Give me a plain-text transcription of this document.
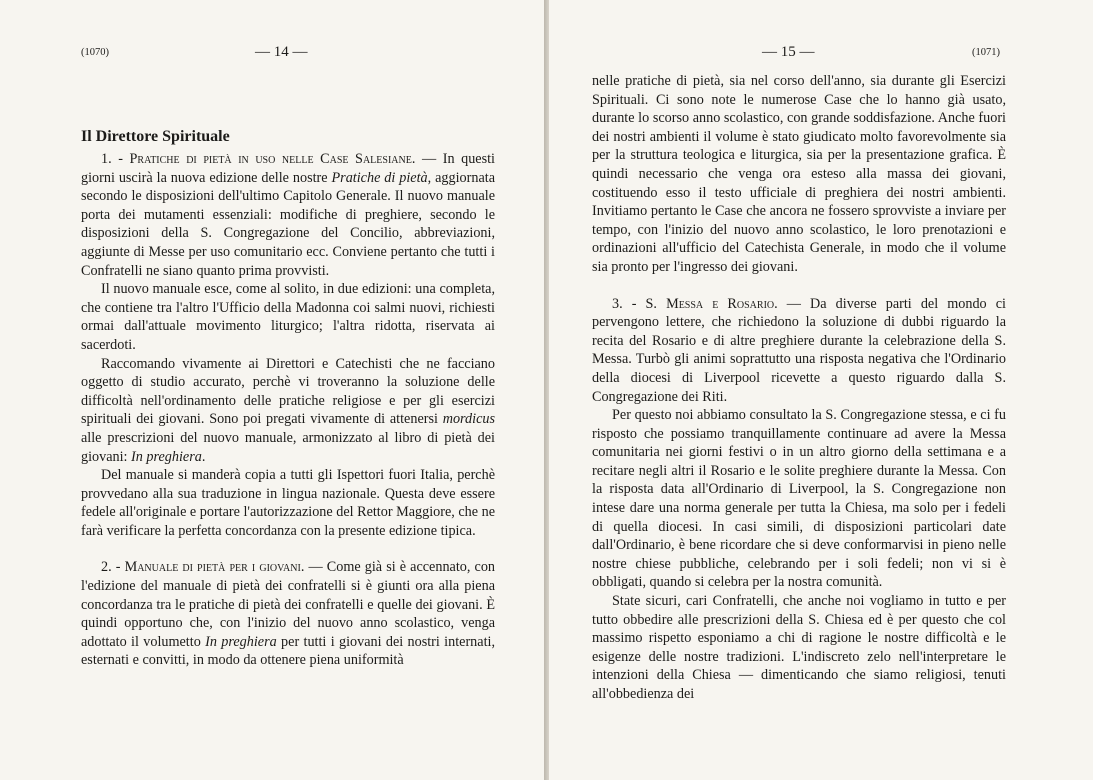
(1070)	— 14 —	— 15 —	(1071)
Il Direttore Spirituale

1. - Pratiche di pietà in uso nelle Case Salesiane. — In questi giorni uscirà la nuova edizione delle nostre Pratiche di pietà, aggiornata secondo le disposizioni dell'ultimo Capitolo Generale. Il nuovo manuale porta dei mutamenti essenziali: modifiche di preghiere, secondo le disposizioni della S. Congregazione del Concilio, abbreviazioni, aggiunte di Messe per uso comunitario ecc. Conviene pertanto che tutti i Confratelli ne siano quanto prima provvisti.

Il nuovo manuale esce, come al solito, in due edizioni: una completa, che contiene tra l'altro l'Ufficio della Madonna coi salmi nuovi, richiesti ormai dall'attuale movimento liturgico; l'altra ridotta, riservata ai sacerdoti.

Raccomando vivamente ai Direttori e Catechisti che ne facciano oggetto di studio accurato, perchè vi troveranno la soluzione delle difficoltà nell'ordinamento delle pratiche religiose e per gli esercizi spirituali dei giovani. Sono poi pregati vivamente di attenersi mordicus alle prescrizioni del nuovo manuale, armonizzato al libro di pietà dei giovani: In preghiera.

Del manuale si manderà copia a tutti gli Ispettori fuori Italia, perchè provvedano alla sua traduzione in lingua nazionale. Questa deve essere fedele all'originale e portare l'autorizzazione del Rettor Maggiore, che ne farà verificare la perfetta concordanza con la presente edizione tipica.

2. - Manuale di pietà per i giovani. — Come già si è accennato, con l'edizione del manuale di pietà dei confratelli si è giunti ora alla piena concordanza tra le pratiche di pietà dei confratelli e quelle dei giovani. È quindi opportuno che, con l'inizio del nuovo anno scolastico, venga adottato il volumetto In preghiera per tutti i giovani dei nostri internati, esternati e convitti, in modo da ottenere piena uniformità

nelle pratiche di pietà, sia nel corso dell'anno, sia durante gli Esercizi Spirituali. Ci sono note le numerose Case che lo hanno già usato, durante lo scorso anno scolastico, con grande soddisfazione. Anche fuori dei nostri ambienti il volume è stato giudicato molto favorevolmente sia per la struttura teologica e liturgica, sia per la presentazione grafica. È quindi necessario che venga ora esteso alla massa dei giovani, costituendo esso il testo ufficiale di preghiera dei nostri ambienti. Invitiamo pertanto le Case che ancora ne fossero sprovviste a inviare per tempo, con l'inizio del nuovo anno scolastico, le loro prenotazioni e ordinazioni all'ufficio del Catechista Generale, in modo che il volume sia pronto per l'ingresso dei giovani.

3. - S. Messa e Rosario. — Da diverse parti del mondo ci pervengono lettere, che richiedono la soluzione di dubbi riguardo la recita del Rosario e di altre preghiere durante la celebrazione della S. Messa. Turbò gli animi soprattutto una risposta negativa che l'Ordinario della diocesi di Liverpool ricevette a questo riguardo dalla S. Congregazione dei Riti.

Per questo noi abbiamo consultato la S. Congregazione stessa, e ci fu risposto che possiamo tranquillamente continuare ad avere la Messa comunitaria nei giorni festivi o in un altro giorno della settimana e a recitare negli altri il Rosario e le solite preghiere durante la Messa. Con la risposta data all'Ordinario di Liverpool, la S. Congregazione non intese dare una norma generale per tutta la Chiesa, ma solo per i fedeli di quella diocesi. In casi simili, di disposizioni particolari date dall'Ordinario, è bene ricordare che si deve conformarvisi in pieno nelle nostre chiese pubbliche, celebrando per i soli fedeli; non vi si è obbligati, quando si celebra per la nostra comunità.

State sicuri, cari Confratelli, che anche noi vogliamo in tutto e per tutto obbedire alle prescrizioni della S. Chiesa ed è per questo che col massimo rispetto esponiamo a chi di ragione le nostre difficoltà e le esigenze delle nostre tradizioni. L'indiscreto zelo nell'interpretare le intenzioni della Chiesa — dimenticando che siamo religiosi, tenuti all'obbedienza dei
